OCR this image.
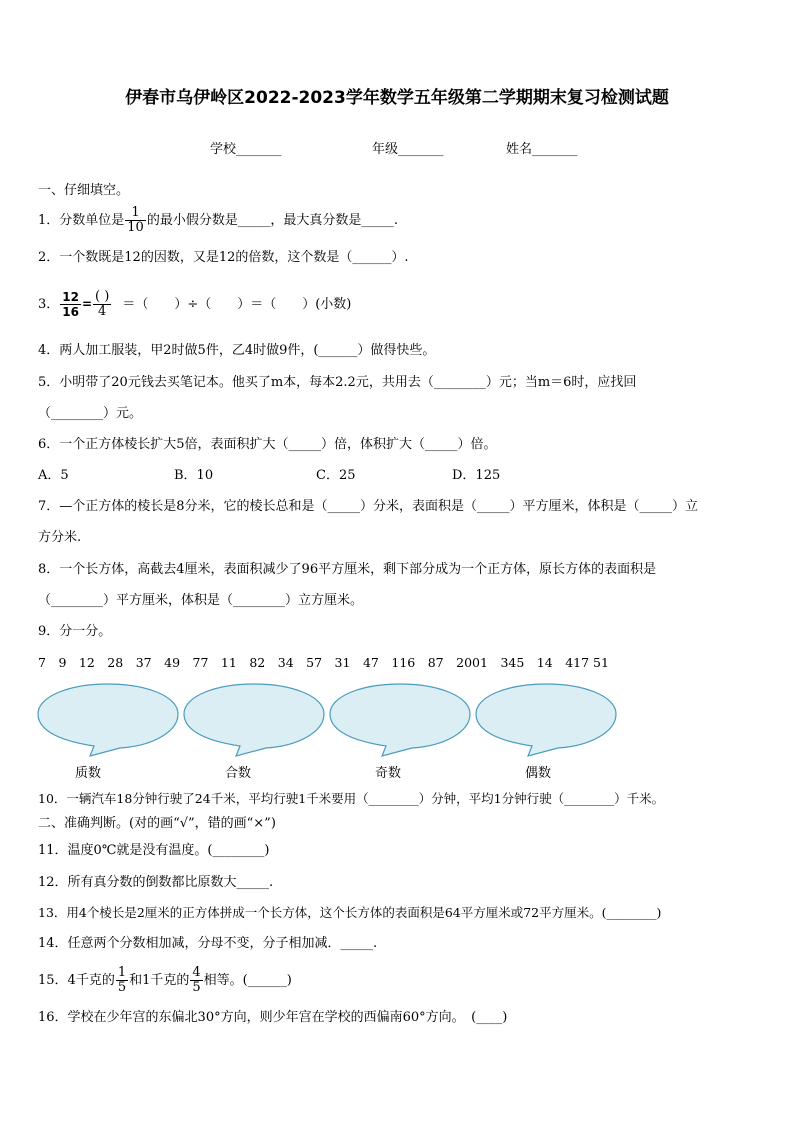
伊春市乌伊岭区2022-2023学年数学五年级第二学期期末复习检测试题
学校_______	年级_______	姓名_______
一、仔细填空。
1．分数单位是 $\frac{1}{10}$ 的最小假分数是_____，最大真分数是_____.
2．一个数既是12的因数，又是12的倍数，这个数是（______）.
3． $\frac{12}{16} = \frac{( )}{4}$ ＝（　　）÷（　　）＝（　　）(小数)
4．两人加工服装，甲2时做5件，乙4时做9件，(______）做得快些。
5．小明带了20元钱去买笔记本。他买了m本，每本2.2元，共用去（________）元；当m＝6时，应找回
（________）元。
6．一个正方体棱长扩大5倍，表面积扩大（_____）倍，体积扩大（_____）倍。
A．5	B．10	C．25	D．125
7．—个正方体的棱长是8分米，它的棱长总和是（_____）分米，表面积是（_____）平方厘米，体积是（_____）立
方分米.
8．一个长方体，高截去4厘米，表面积减少了96平方厘米，剩下部分成为一个正方体，原长方体的表面积是
（________）平方厘米，体积是（________）立方厘米。
9．分一分。
7　9　12　28　37　49　77　11　82　34　57　31　47　116　87　2001　345　14　417 51
质数	合数	奇数	偶数
10．一辆汽车18分钟行驶了24千米，平均行驶1千米要用（________）分钟，平均1分钟行驶（________）千米。
二、准确判断。(对的画“√”，错的画“×”)
11．温度0℃就是没有温度。(________)
12．所有真分数的倒数都比原数大_____.
13．用4个棱长是2厘米的正方体拼成一个长方体，这个长方体的表面积是64平方厘米或72平方厘米。(________)
14．任意两个分数相加减，分母不变，分子相加减．_____.
15．4千克的 $\frac{1}{5}$ 和1千克的 $\frac{4}{5}$ 相等。(______)
16．学校在少年宫的东偏北30°方向，则少年宫在学校的西偏南60°方向。　(____)
